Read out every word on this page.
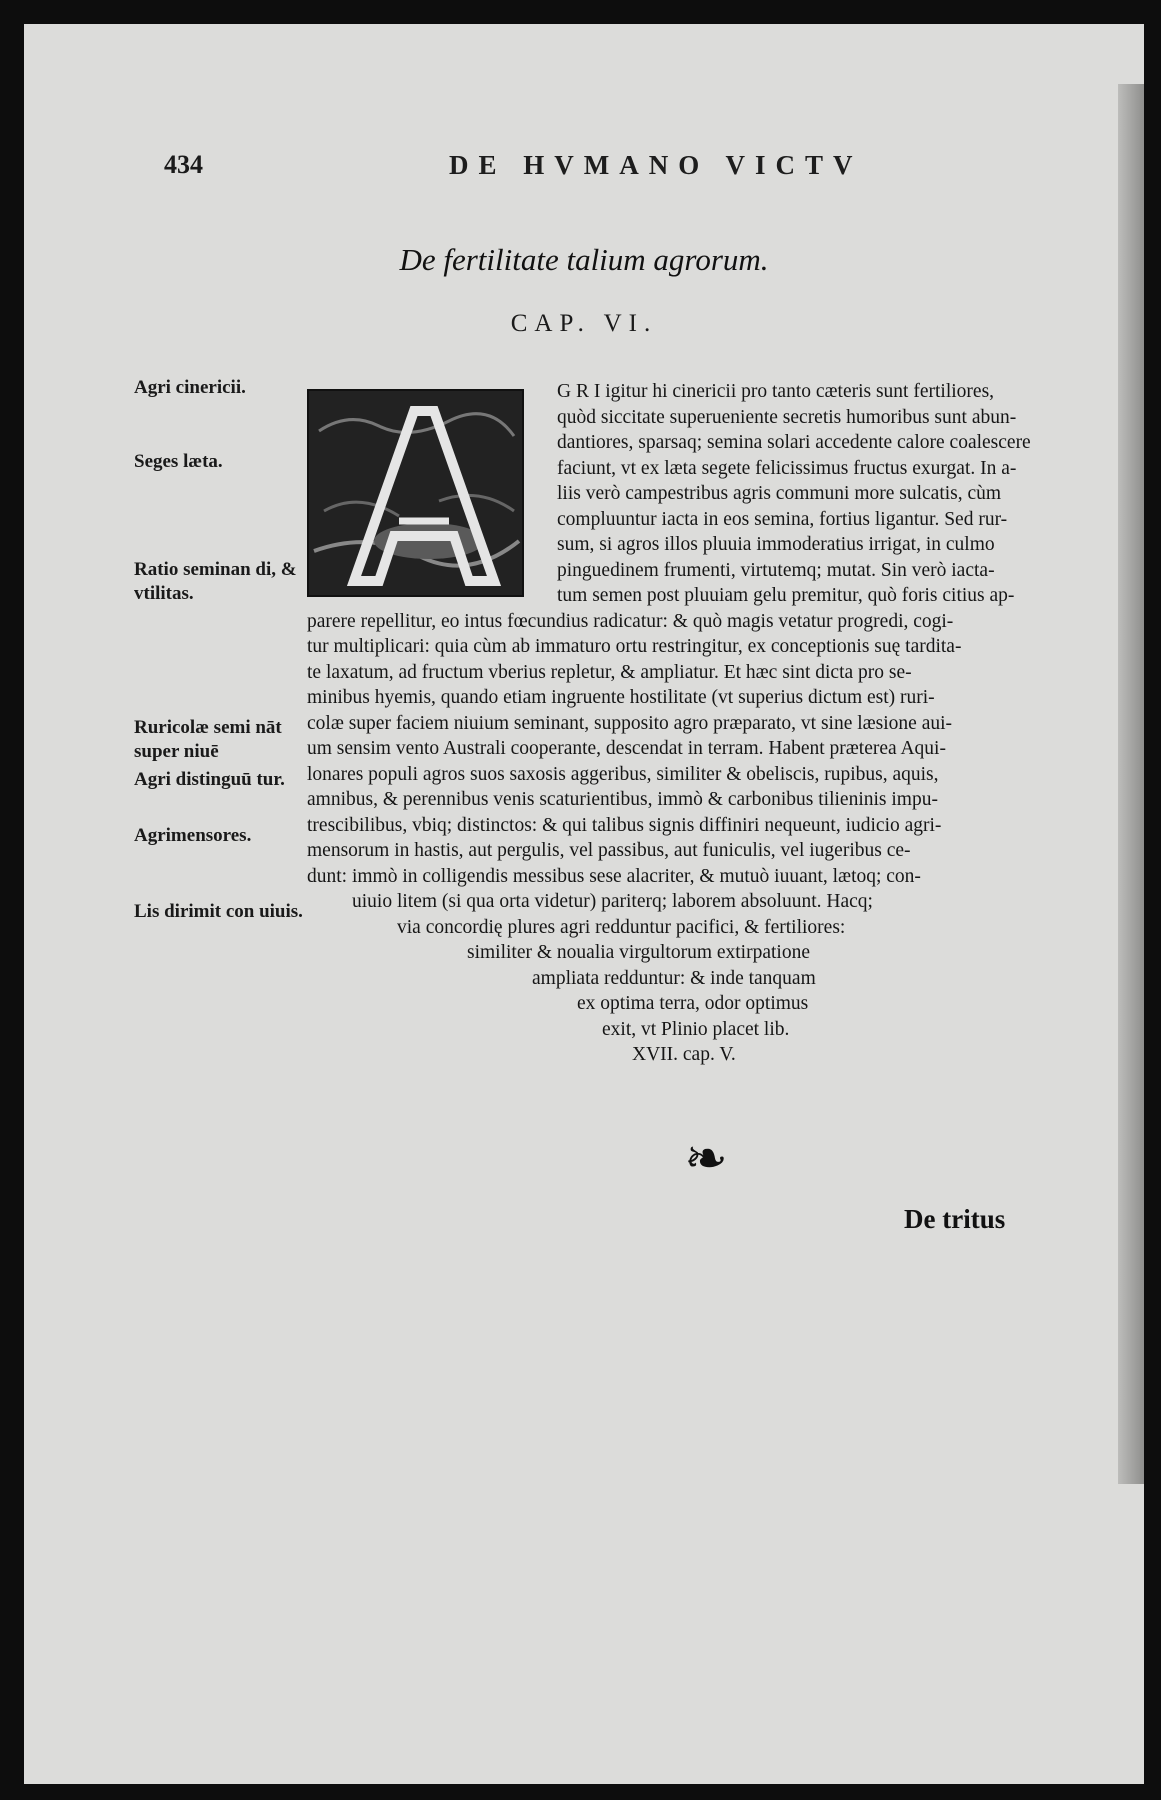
434	DE HVMANO VICTV
De fertilitate talium agrorum.
CAP. VI.
Agri cinericii.
Seges læta.
Ratio seminan di, & vtilitas.
Ruricolæ semi nāt super niuē
Agri distinguū tur.
Agrimensores.
Lis dirimit con uiuis.
G R I igitur hi cinericii pro tanto cæteris sunt fertiliores,
quòd siccitate superueniente secretis humoribus sunt abun-
dantiores, sparsaq; semina solari accedente calore coalescere
faciunt, vt ex læta segete felicissimus fructus exurgat. In a-
liis verò campestribus agris communi more sulcatis, cùm
compluuntur iacta in eos semina, fortius ligantur. Sed rur-
sum, si agros illos pluuia immoderatius irrigat, in culmo
pinguedinem frumenti, virtutemq; mutat. Sin verò iacta-
tum semen post pluuiam gelu premitur, quò foris citius ap-
parere repellitur, eo intus fœcundius radicatur: & quò magis vetatur progredi, cogi-
tur multiplicari: quia cùm ab immaturo ortu restringitur, ex conceptionis suę tardita-
te laxatum, ad fructum vberius repletur, & ampliatur. Et hæc sint dicta pro se-
minibus hyemis, quando etiam ingruente hostilitate (vt superius dictum est) ruri-
colæ super faciem niuium seminant, supposito agro præparato, vt sine læsione aui-
um sensim vento Australi cooperante, descendat in terram. Habent præterea Aqui-
lonares populi agros suos saxosis aggeribus, similiter & obeliscis, rupibus, aquis,
amnibus, & perennibus venis scaturientibus, immò & carbonibus tilieninis impu-
trescibilibus, vbiq; distinctos: & qui talibus signis diffiniri nequeunt, iudicio agri-
mensorum in hastis, aut pergulis, vel passibus, aut funiculis, vel iugeribus ce-
dunt: immò in colligendis messibus sese alacriter, & mutuò iuuant, lætoq; con-
uiuio litem (si qua orta videtur) pariterq; laborem absoluunt. Hacq;
via concordię plures agri redduntur pacifici, & fertiliores:
similiter & noualia virgultorum extirpatione
ampliata redduntur: & inde tanquam
ex optima terra, odor optimus
exit, vt Plinio placet lib.
XVII. cap. V.
❧
De tritus
